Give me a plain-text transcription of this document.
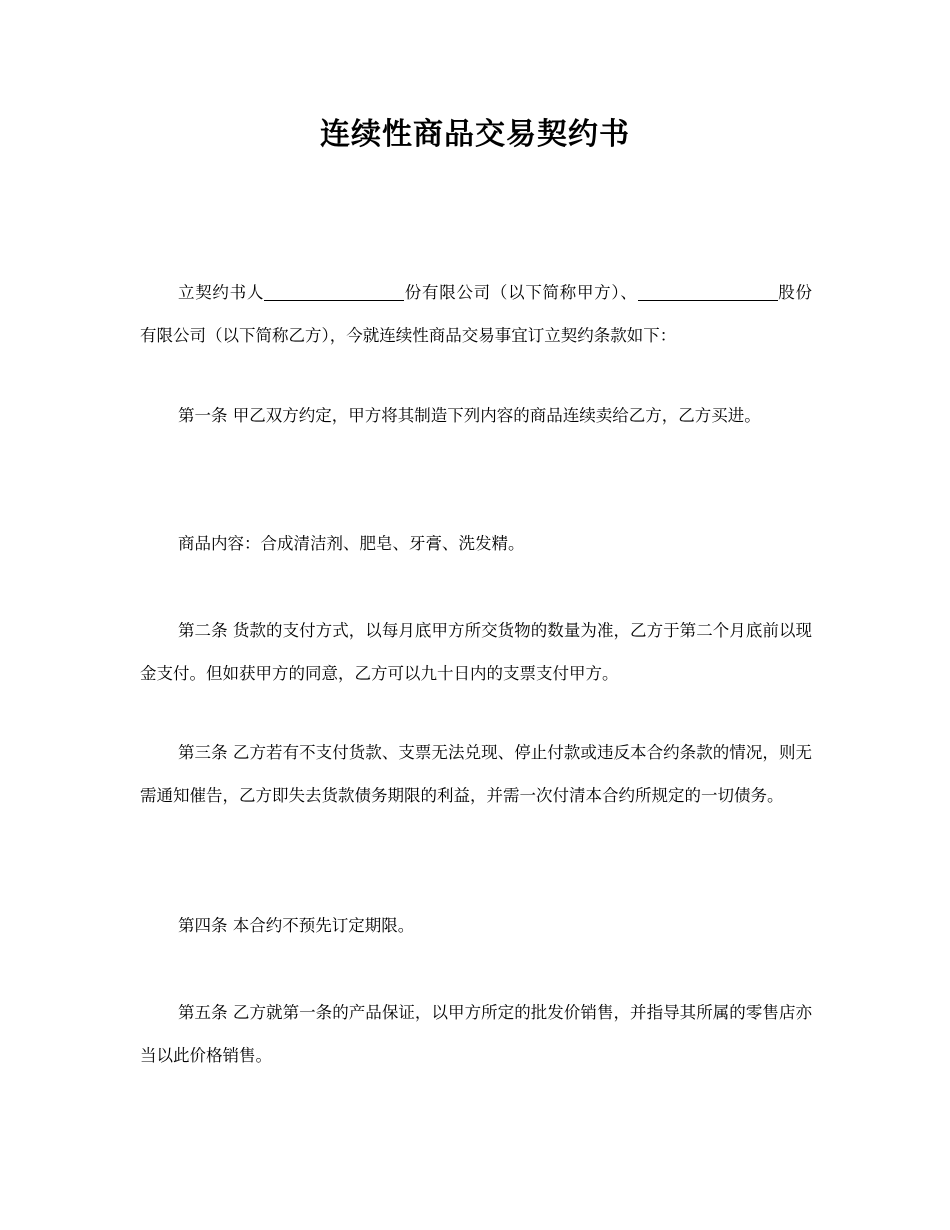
连续性商品交易契约书

立契约书人	份有限公司（以下简称甲方）、	股份有限公司（以下简称乙方），今就连续性商品交易事宜订立契约条款如下：

第一条 甲乙双方约定，甲方将其制造下列内容的商品连续卖给乙方，乙方买进。

商品内容：合成清洁剂、肥皂、牙膏、洗发精。

第二条 货款的支付方式，以每月底甲方所交货物的数量为准，乙方于第二个月底前以现金支付。但如获甲方的同意，乙方可以九十日内的支票支付甲方。

第三条 乙方若有不支付货款、支票无法兑现、停止付款或违反本合约条款的情况，则无需通知催告，乙方即失去货款债务期限的利益，并需一次付清本合约所规定的一切债务。

第四条 本合约不预先订定期限。

第五条 乙方就第一条的产品保证，以甲方所定的批发价销售，并指导其所属的零售店亦当以此价格销售。
